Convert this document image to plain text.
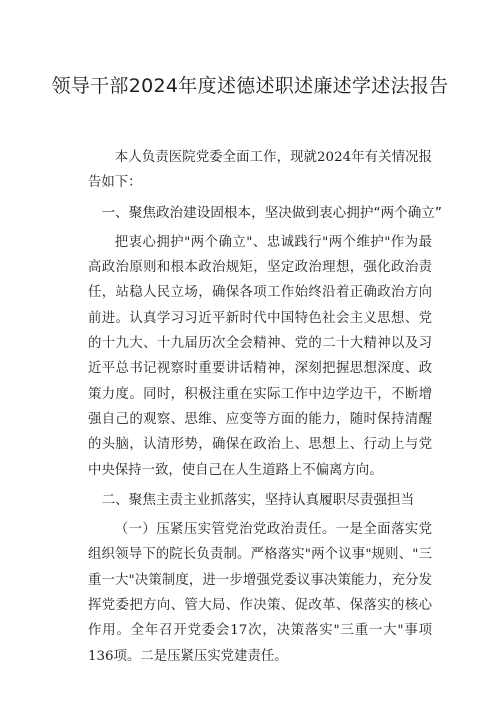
领导干部2024年度述德述职述廉述学述法报告

本人负责医院党委全面工作，现就2024年有关情况报告如下：

一、聚焦政治建设固根本，坚决做到衷心拥护“两个确立”

把衷心拥护"两个确立"、忠诚践行"两个维护"作为最高政治原则和根本政治规矩，坚定政治理想，强化政治责任，站稳人民立场，确保各项工作始终沿着正确政治方向前进。认真学习习近平新时代中国特色社会主义思想、党的十九大、十九届历次全会精神、党的二十大精神以及习近平总书记视察时重要讲话精神，深刻把握思想深度、政策力度。同时，积极注重在实际工作中边学边干，不断增强自己的观察、思维、应变等方面的能力，随时保持清醒的头脑，认清形势，确保在政治上、思想上、行动上与党中央保持一致，使自己在人生道路上不偏离方向。

二、聚焦主责主业抓落实，坚持认真履职尽责强担当

（一）压紧压实管党治党政治责任。一是全面落实党组织领导下的院长负责制。严格落实"两个议事"规则、"三重一大"决策制度，进一步增强党委议事决策能力，充分发挥党委把方向、管大局、作决策、促改革、保落实的核心作用。全年召开党委会17次，决策落实"三重一大"事项136项。二是压紧压实党建责任。
